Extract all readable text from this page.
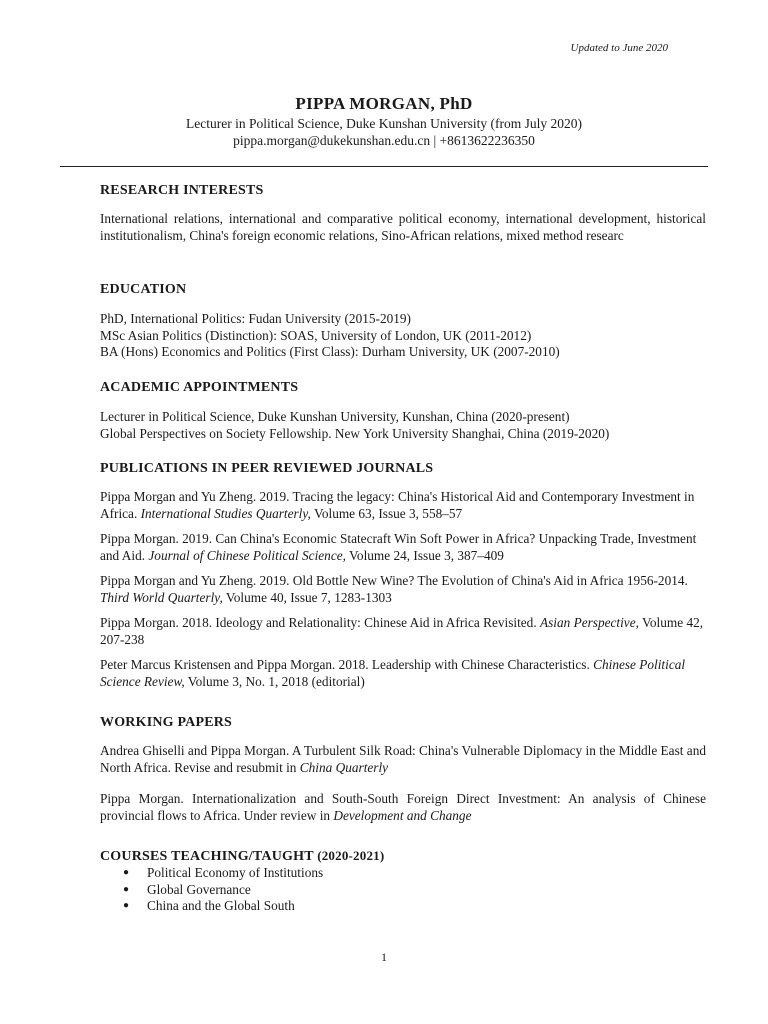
Updated to June 2020
PIPPA MORGAN, PhD
Lecturer in Political Science, Duke Kunshan University (from July 2020)
pippa.morgan@dukekunshan.edu.cn | +8613622236350
RESEARCH INTERESTS

International relations, international and comparative political economy, international development, historical institutionalism, China's foreign economic relations, Sino-African relations, mixed method researc

EDUCATION

PhD, International Politics: Fudan University (2015-2019)

MSc Asian Politics (Distinction): SOAS, University of London, UK (2011-2012)

BA (Hons) Economics and Politics (First Class): Durham University, UK (2007-2010)

ACADEMIC APPOINTMENTS

Lecturer in Political Science, Duke Kunshan University, Kunshan, China (2020-present)

Global Perspectives on Society Fellowship. New York University Shanghai, China (2019-2020)

PUBLICATIONS IN PEER REVIEWED JOURNALS

Pippa Morgan and Yu Zheng. 2019. Tracing the legacy: China's Historical Aid and Contemporary Investment in Africa. International Studies Quarterly, Volume 63, Issue 3, 558–57

Pippa Morgan. 2019. Can China's Economic Statecraft Win Soft Power in Africa? Unpacking Trade, Investment and Aid. Journal of Chinese Political Science, Volume 24, Issue 3, 387–409

Pippa Morgan and Yu Zheng. 2019. Old Bottle New Wine? The Evolution of China's Aid in Africa 1956-2014. Third World Quarterly, Volume 40, Issue 7, 1283-1303

Pippa Morgan. 2018. Ideology and Relationality: Chinese Aid in Africa Revisited. Asian Perspective, Volume 42, 207-238

Peter Marcus Kristensen and Pippa Morgan. 2018. Leadership with Chinese Characteristics. Chinese Political Science Review, Volume 3, No. 1, 2018 (editorial)

WORKING PAPERS

Andrea Ghiselli and Pippa Morgan. A Turbulent Silk Road: China's Vulnerable Diplomacy in the Middle East and North Africa. Revise and resubmit in China Quarterly

Pippa Morgan. Internationalization and South-South Foreign Direct Investment: An analysis of Chinese provincial flows to Africa. Under review in Development and Change

COURSES TEACHING/TAUGHT (2020-2021)
● Political Economy of Institutions
● Global Governance
● China and the Global South
1
